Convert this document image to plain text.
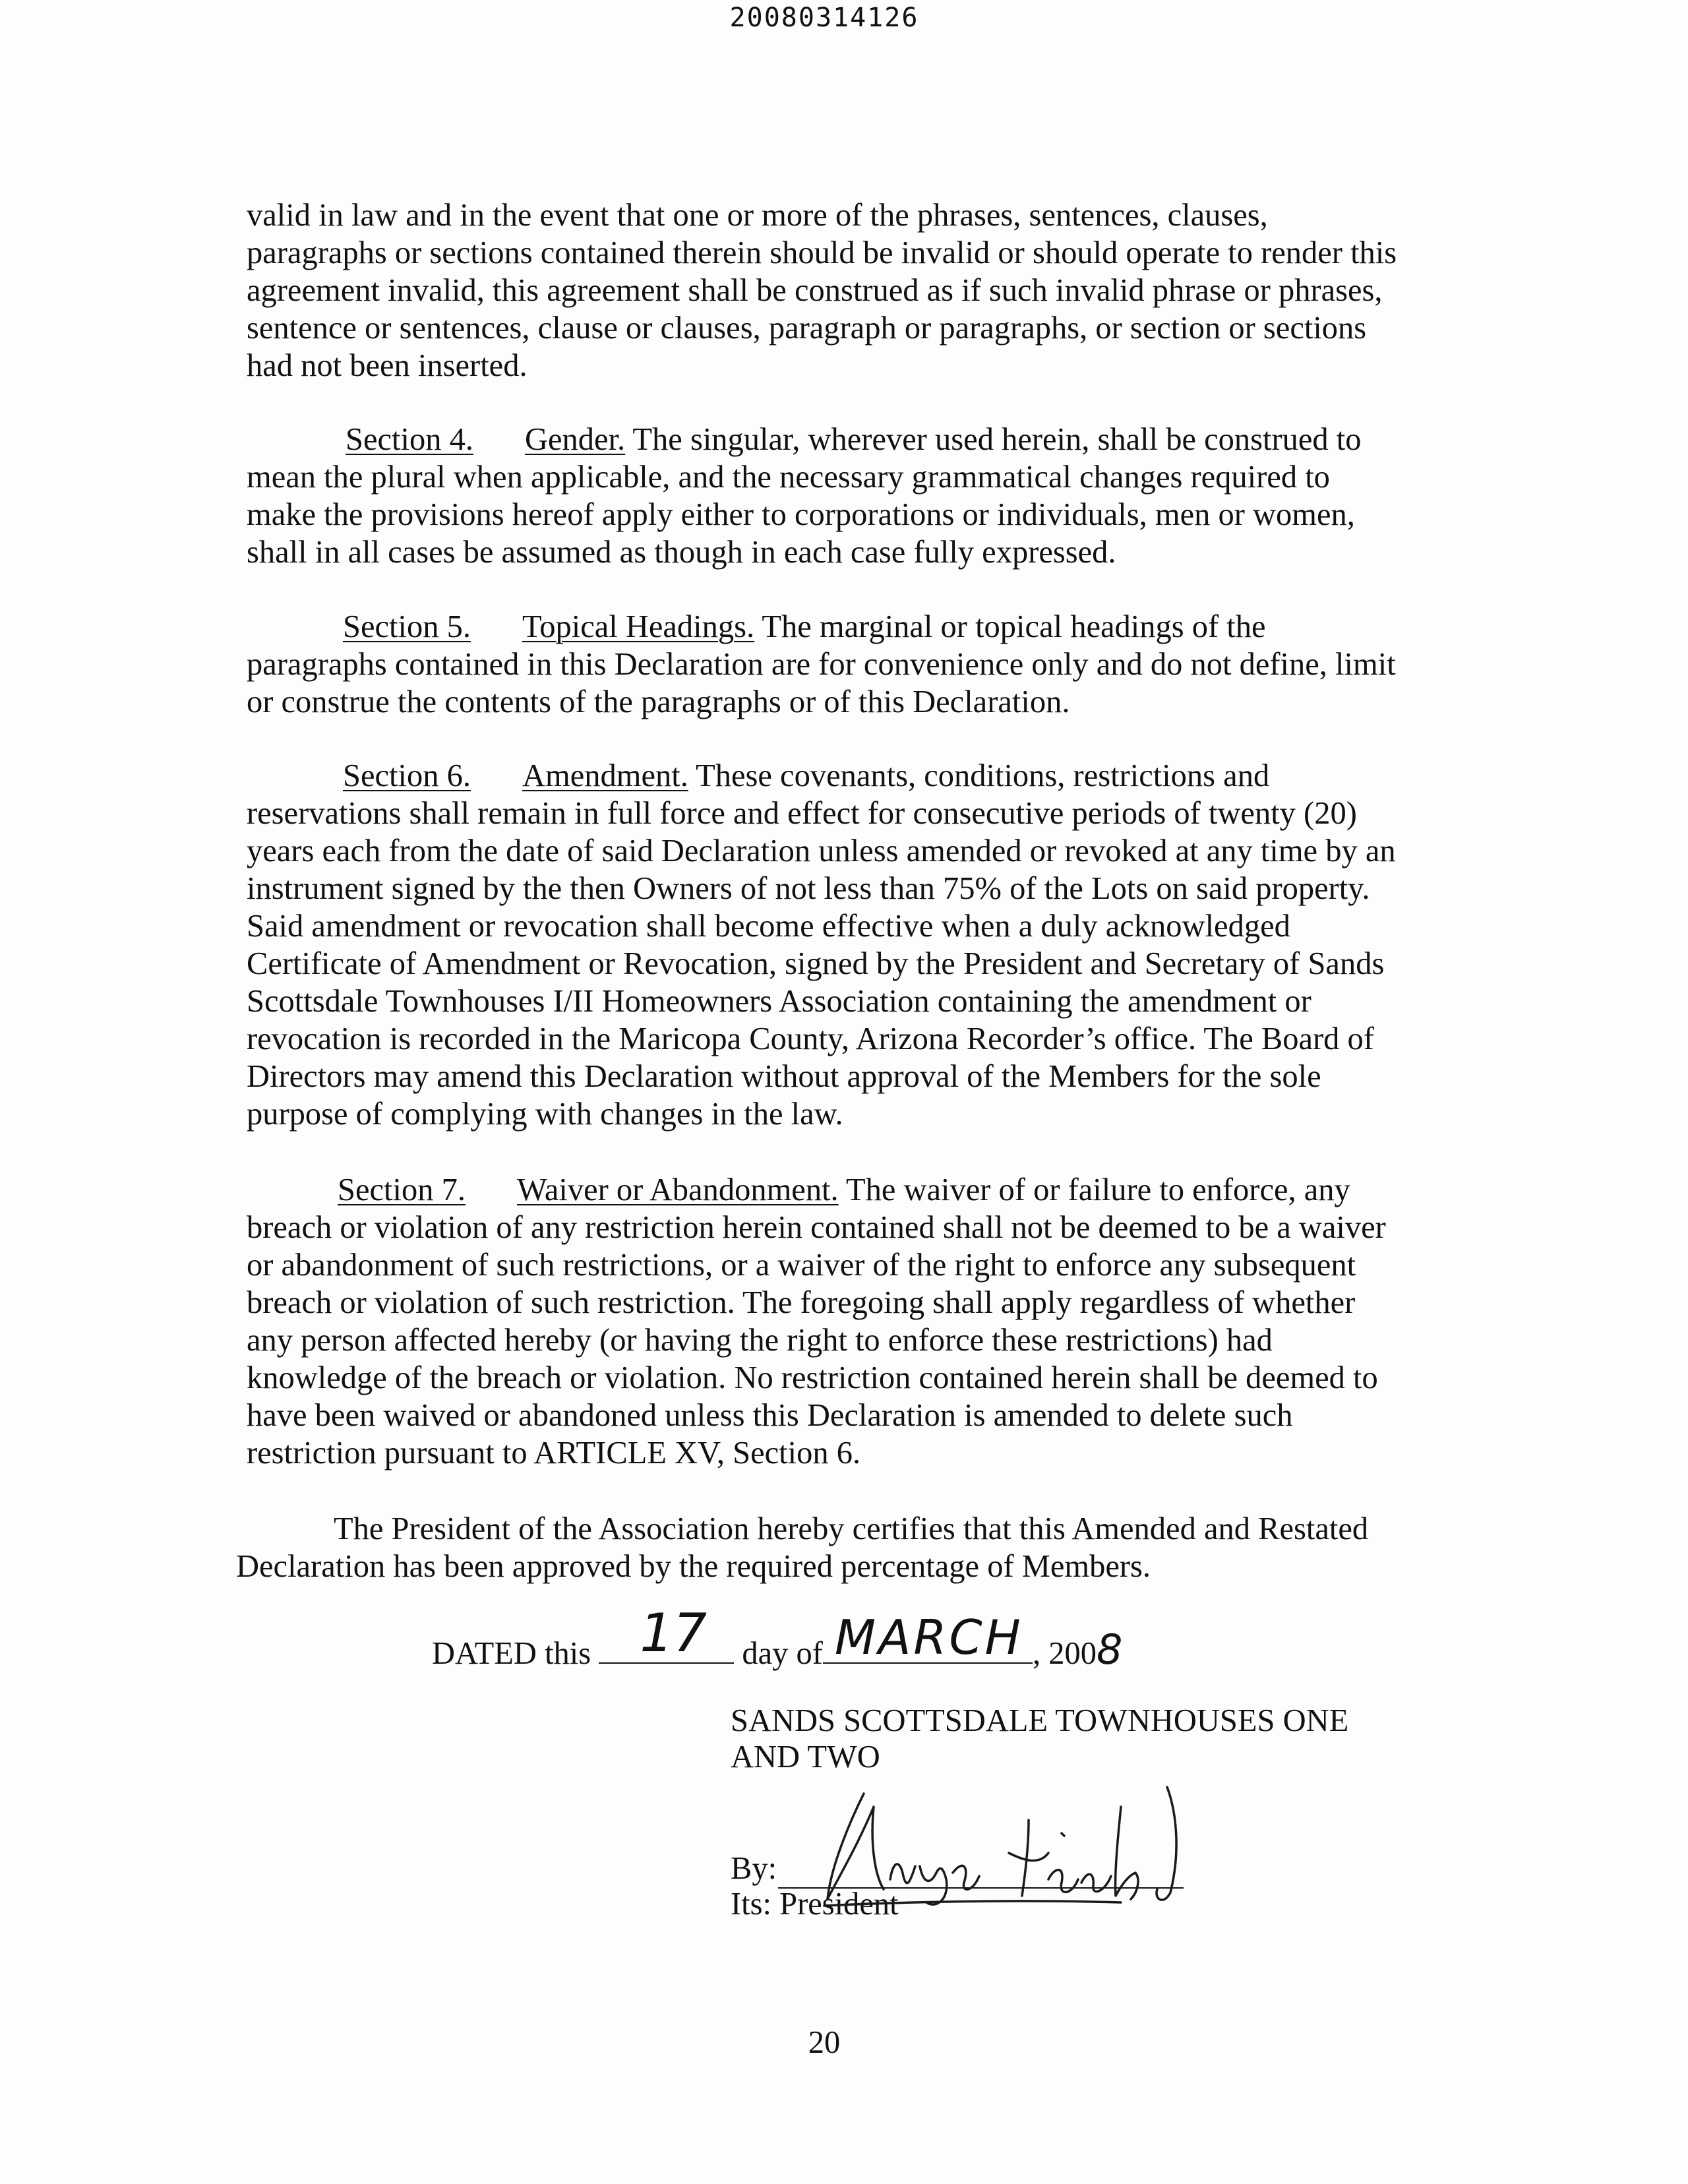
20080314126
valid in law and in the event that one or more of the phrases, sentences, clauses,
paragraphs or sections contained therein should be invalid or should operate to render this
agreement invalid, this agreement shall be construed as if such invalid phrase or phrases,
sentence or sentences, clause or clauses, paragraph or paragraphs, or section or sections
had not been inserted.
Section 4. Gender. The singular, wherever used herein, shall be construed to
mean the plural when applicable, and the necessary grammatical changes required to
make the provisions hereof apply either to corporations or individuals, men or women,
shall in all cases be assumed as though in each case fully expressed.
Section 5. Topical Headings. The marginal or topical headings of the
paragraphs contained in this Declaration are for convenience only and do not define, limit
or construe the contents of the paragraphs or of this Declaration.
Section 6. Amendment. These covenants, conditions, restrictions and
reservations shall remain in full force and effect for consecutive periods of twenty (20)
years each from the date of said Declaration unless amended or revoked at any time by an
instrument signed by the then Owners of not less than 75% of the Lots on said property.
Said amendment or revocation shall become effective when a duly acknowledged
Certificate of Amendment or Revocation, signed by the President and Secretary of Sands
Scottsdale Townhouses I/II Homeowners Association containing the amendment or
revocation is recorded in the Maricopa County, Arizona Recorder’s office. The Board of
Directors may amend this Declaration without approval of the Members for the sole
purpose of complying with changes in the law.
Section 7. Waiver or Abandonment. The waiver of or failure to enforce, any
breach or violation of any restriction herein contained shall not be deemed to be a waiver
or abandonment of such restrictions, or a waiver of the right to enforce any subsequent
breach or violation of such restriction. The foregoing shall apply regardless of whether
any person affected hereby (or having the right to enforce these restrictions) had
knowledge of the breach or violation. No restriction contained herein shall be deemed to
have been waived or abandoned unless this Declaration is amended to delete such
restriction pursuant to ARTICLE XV, Section 6.
The President of the Association hereby certifies that this Amended and Restated
Declaration has been approved by the required percentage of Members.
DATED this 17 day of MARCH , 2008
SANDS SCOTTSDALE TOWNHOUSES ONE
AND TWO
By:
Its: President
20
